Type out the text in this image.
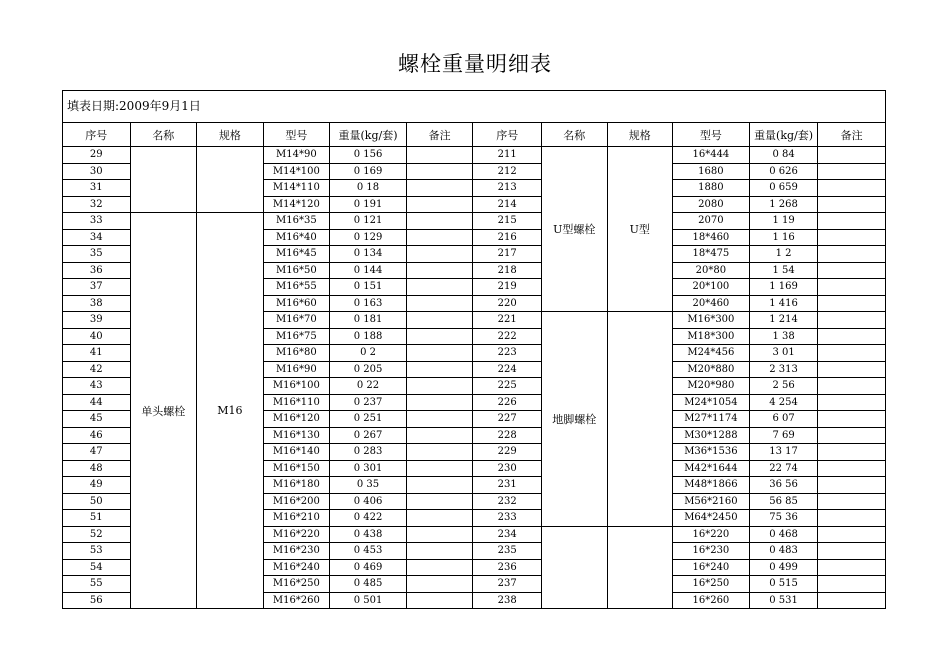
螺栓重量明细表
填表日期:2009年9月1日
序号	名称	规格	型号	重量(kg/套)	备注	序号	名称	规格	型号	重量(kg/套)	备注
29			M14*90	0 156		211	U型螺栓	U型	16*444	0 84	
30			M14*100	0 169		212			1680	0 626	
31			M14*110	0 18		213			1880	0 659	
32			M14*120	0 191		214			2080	1 268	
33	单头螺栓	M16	M16*35	0 121		215			2070	1 19	
34			M16*40	0 129		216			18*460	1 16	
35			M16*45	0 134		217			18*475	1 2	
36			M16*50	0 144		218			20*80	1 54	
37			M16*55	0 151		219			20*100	1 169	
38			M16*60	0 163		220			20*460	1 416	
39			M16*70	0 181		221	地脚螺栓		M16*300	1 214	
40			M16*75	0 188		222			M18*300	1 38	
41			M16*80	0 2		223			M24*456	3 01	
42			M16*90	0 205		224			M20*880	2 313	
43			M16*100	0 22		225			M20*980	2 56	
44			M16*110	0 237		226			M24*1054	4 254	
45			M16*120	0 251		227			M27*1174	6 07	
46			M16*130	0 267		228			M30*1288	7 69	
47			M16*140	0 283		229			M36*1536	13 17	
48			M16*150	0 301		230			M42*1644	22 74	
49			M16*180	0 35		231			M48*1866	36 56	
50			M16*200	0 406		232			M56*2160	56 85	
51			M16*210	0 422		233			M64*2450	75 36	
52			M16*220	0 438		234			16*220	0 468	
53			M16*230	0 453		235			16*230	0 483	
54			M16*240	0 469		236			16*240	0 499	
55			M16*250	0 485		237			16*250	0 515	
56			M16*260	0 501		238			16*260	0 531	
